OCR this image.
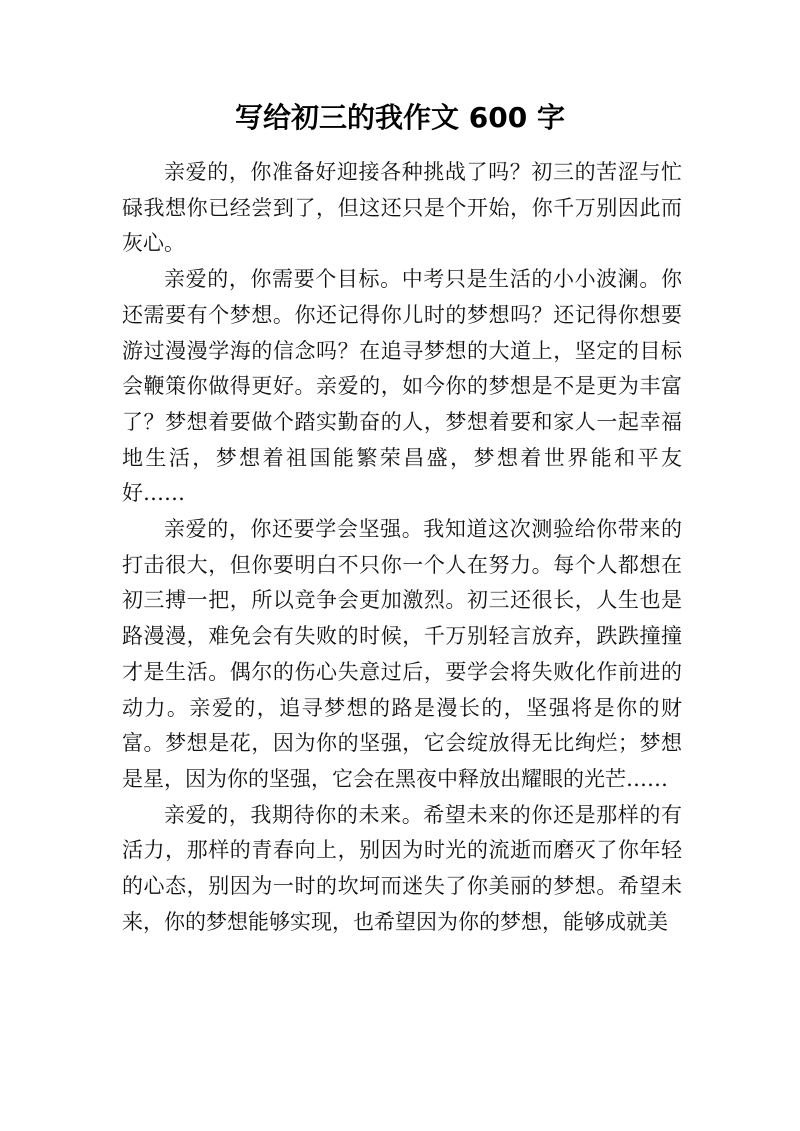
写给初三的我作文 600 字

亲爱的，你准备好迎接各种挑战了吗？初三的苦涩与忙碌我想你已经尝到了，但这还只是个开始，你千万别因此而灰心。

亲爱的，你需要个目标。中考只是生活的小小波澜。你还需要有个梦想。你还记得你儿时的梦想吗？还记得你想要游过漫漫学海的信念吗？在追寻梦想的大道上，坚定的目标会鞭策你做得更好。亲爱的，如今你的梦想是不是更为丰富了？梦想着要做个踏实勤奋的人，梦想着要和家人一起幸福地生活，梦想着祖国能繁荣昌盛，梦想着世界能和平友好……

亲爱的，你还要学会坚强。我知道这次测验给你带来的打击很大，但你要明白不只你一个人在努力。每个人都想在初三搏一把，所以竞争会更加激烈。初三还很长，人生也是路漫漫，难免会有失败的时候，千万别轻言放弃，跌跌撞撞才是生活。偶尔的伤心失意过后，要学会将失败化作前进的动力。亲爱的，追寻梦想的路是漫长的，坚强将是你的财富。梦想是花，因为你的坚强，它会绽放得无比绚烂；梦想是星，因为你的坚强，它会在黑夜中释放出耀眼的光芒……

亲爱的，我期待你的未来。希望未来的你还是那样的有活力，那样的青春向上，别因为时光的流逝而磨灭了你年轻的心态，别因为一时的坎坷而迷失了你美丽的梦想。希望未来，你的梦想能够实现，也希望因为你的梦想，能够成就美
